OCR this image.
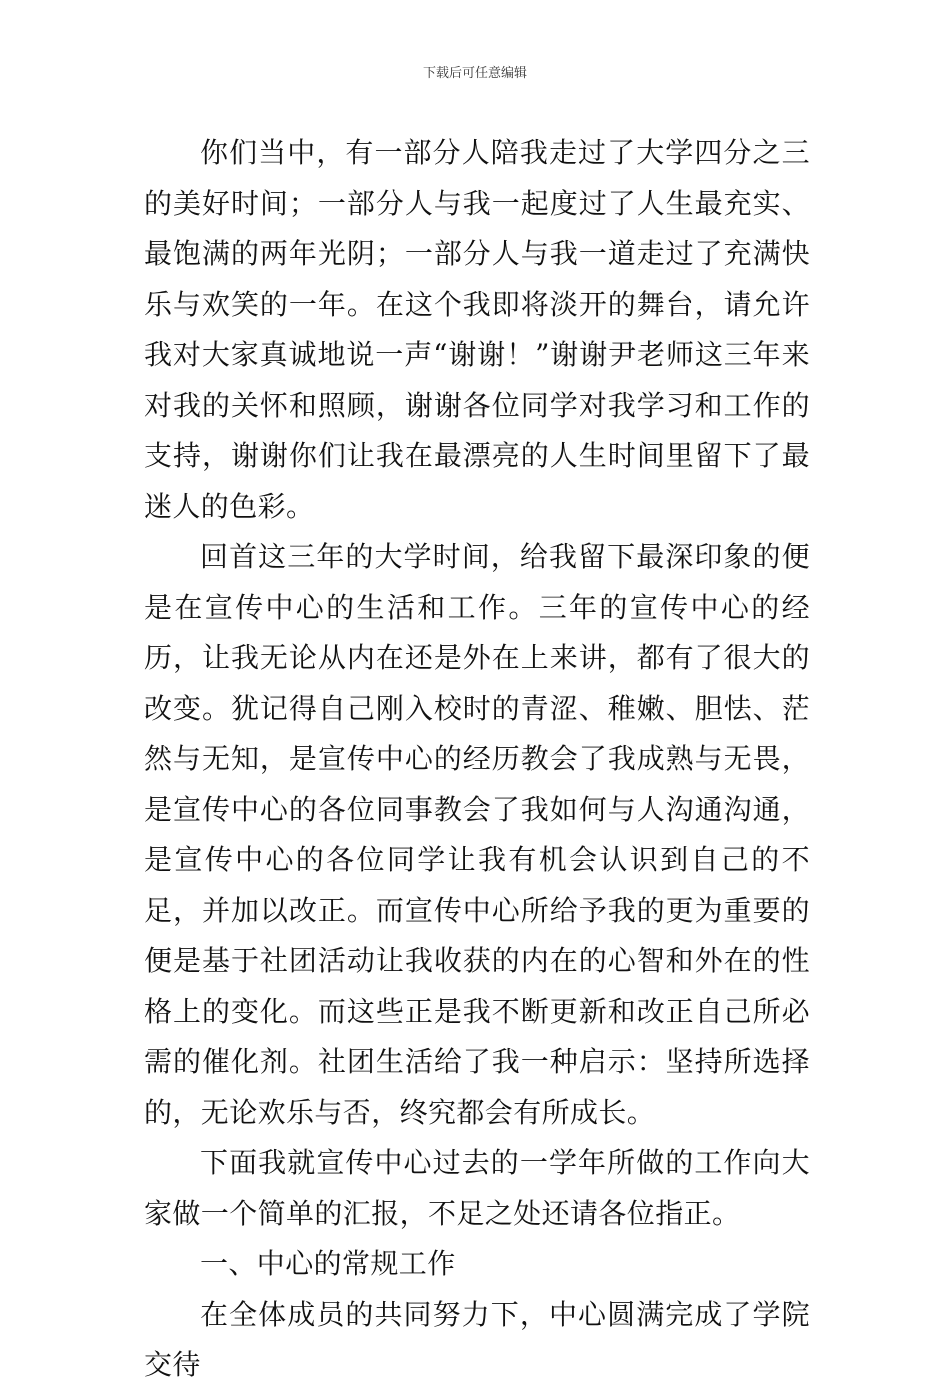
下载后可任意编辑

你们当中，有一部分人陪我走过了大学四分之三的美好时间；一部分人与我一起度过了人生最充实、最饱满的两年光阴；一部分人与我一道走过了充满快乐与欢笑的一年。在这个我即将淡开的舞台，请允许我对大家真诚地说一声“谢谢！”谢谢尹老师这三年来对我的关怀和照顾，谢谢各位同学对我学习和工作的支持，谢谢你们让我在最漂亮的人生时间里留下了最迷人的色彩。

回首这三年的大学时间，给我留下最深印象的便是在宣传中心的生活和工作。三年的宣传中心的经历，让我无论从内在还是外在上来讲，都有了很大的改变。犹记得自己刚入校时的青涩、稚嫩、胆怯、茫然与无知，是宣传中心的经历教会了我成熟与无畏，是宣传中心的各位同事教会了我如何与人沟通沟通，是宣传中心的各位同学让我有机会认识到自己的不足，并加以改正。而宣传中心所给予我的更为重要的便是基于社团活动让我收获的内在的心智和外在的性格上的变化。而这些正是我不断更新和改正自己所必需的催化剂。社团生活给了我一种启示：坚持所选择的，无论欢乐与否，终究都会有所成长。

下面我就宣传中心过去的一学年所做的工作向大家做一个简单的汇报，不足之处还请各位指正。

一、中心的常规工作

在全体成员的共同努力下，中心圆满完成了学院交待
